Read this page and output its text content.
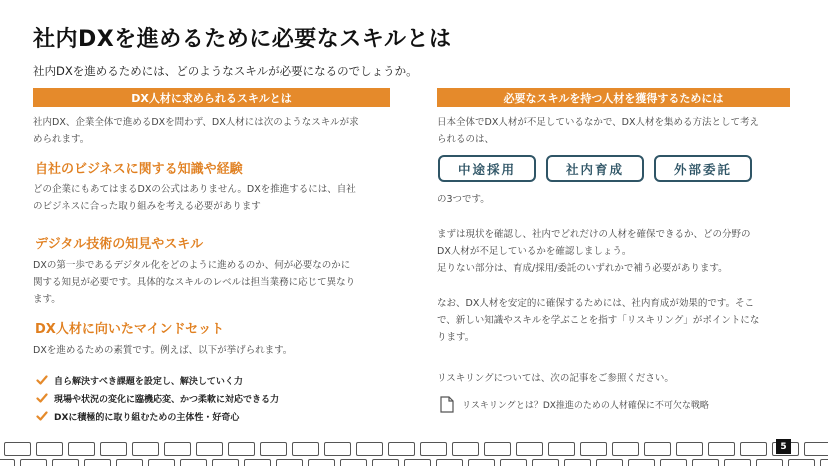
社内DXを進めるために必要なスキルとは
社内DXを進めるためには、どのようなスキルが必要になるのでしょうか。
DX人材に求められるスキルとは
社内DX、企業全体で進めるDXを問わず、DX人材には次のようなスキルが求
められます。
自社のビジネスに関する知識や経験
どの企業にもあてはまるDXの公式はありません。DXを推進するには、自社
のビジネスに合った取り組みを考える必要があります
デジタル技術の知見やスキル
DXの第一歩であるデジタル化をどのように進めるのか、何が必要なのかに
関する知見が必要です。具体的なスキルのレベルは担当業務に応じて異なり
ます。
DX人材に向いたマインドセット
DXを進めるための素質です。例えば、以下が挙げられます。
自ら解決すべき課題を設定し、解決していく力
現場や状況の変化に臨機応変、かつ柔軟に対応できる力
DXに積極的に取り組むための主体性・好奇心
必要なスキルを持つ人材を獲得するためには
日本全体でDX人材が不足しているなかで、DX人材を集める方法として考え
られるのは、
中途採用	社内育成	外部委託
の3つです。
まずは現状を確認し、社内でどれだけの人材を確保できるか、どの分野の
DX人材が不足しているかを確認しましょう。
足りない部分は、育成/採用/委託のいずれかで補う必要があります。
なお、DX人材を安定的に確保するためには、社内育成が効果的です。そこ
で、新しい知識やスキルを学ぶことを指す「リスキリング」がポイントにな
ります。
リスキリングについては、次の記事をご参照ください。
リスキリングとは？DX推進のための人材確保に不可欠な戦略
5
